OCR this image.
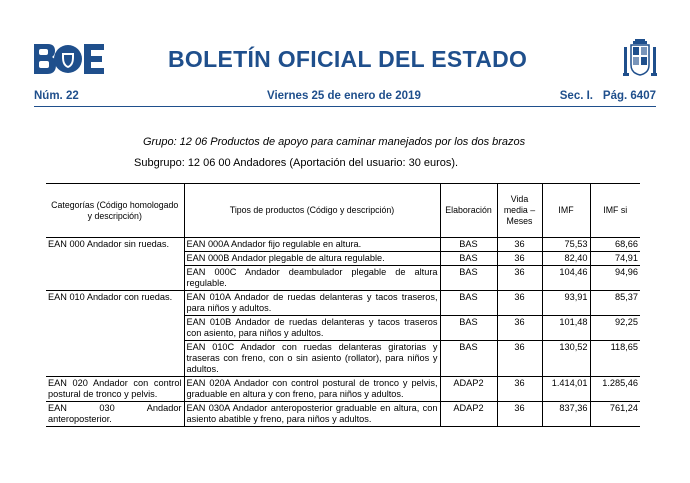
BOLETÍN OFICIAL DEL ESTADO
Núm. 22	Viernes 25 de enero de 2019	Sec. I. Pág. 6407
Grupo: 12 06 Productos de apoyo para caminar manejados por los dos brazos
Subgrupo: 12 06 00 Andadores (Aportación del usuario: 30 euros).
Categorías (Código homologado y descripción)	Tipos de productos (Código y descripción)	Elaboración	Vida media – Meses	IMF	IMF si
EAN 000 Andador sin ruedas.	EAN 000A Andador fijo regulable en altura.	BAS	36	75,53	68,66
	EAN 000B Andador plegable de altura regulable.	BAS	36	82,40	74,91
	EAN 000C Andador deambulador plegable de altura regulable.	BAS	36	104,46	94,96
EAN 010 Andador con ruedas.	EAN 010A Andador de ruedas delanteras y tacos traseros, para niños y adultos.	BAS	36	93,91	85,37
	EAN 010B Andador de ruedas delanteras y tacos traseros con asiento, para niños y adultos.	BAS	36	101,48	92,25
	EAN 010C Andador con ruedas delanteras giratorias y traseras con freno, con o sin asiento (rollator), para niños y adultos.	BAS	36	130,52	118,65
EAN 020 Andador con control postural de tronco y pelvis.	EAN 020A Andador con control postural de tronco y pelvis, graduable en altura y con freno, para niños y adultos.	ADAP2	36	1.414,01	1.285,46
EAN 030 Andador anteroposterior.	EAN 030A Andador anteroposterior graduable en altura, con asiento abatible y freno, para niños y adultos.	ADAP2	36	837,36	761,24
